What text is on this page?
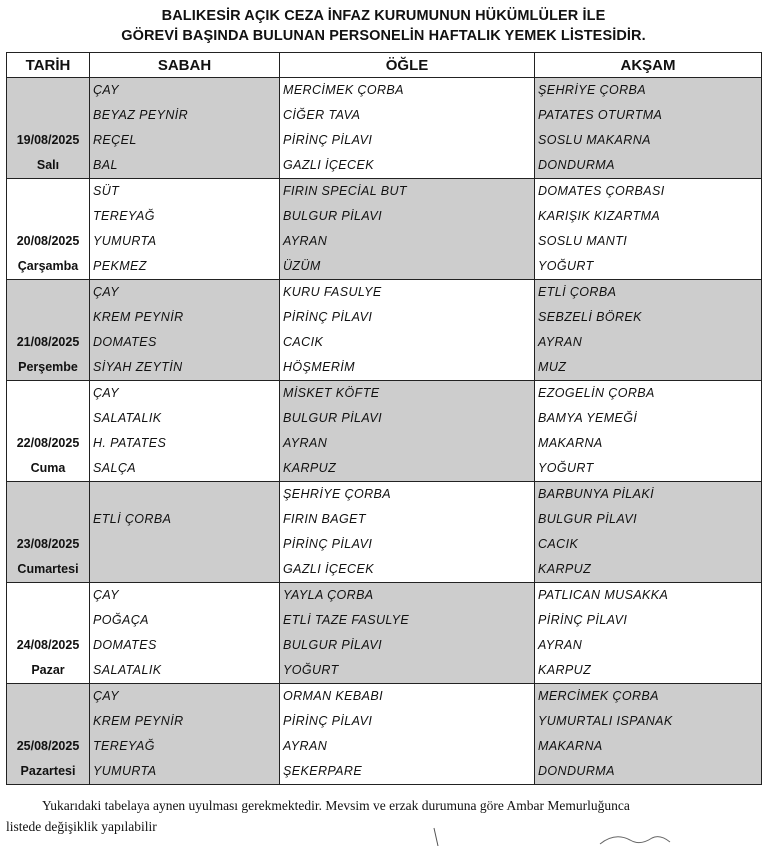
BALIKESİR AÇIK CEZA İNFAZ KURUMUNUN HÜKÜMLÜLER İLE
GÖREVİ BAŞINDA BULUNAN PERSONELİN HAFTALIK YEMEK LİSTESİDİR.
TARİH	SABAH	ÖĞLE	AKŞAM

19/08/2025
Salı	ÇAY
BEYAZ PEYNİR
REÇEL
BAL	MERCİMEK ÇORBA
CİĞER TAVA
PİRİNÇ PİLAVI
GAZLI İÇECEK	ŞEHRİYE ÇORBA
PATATES OTURTMA
SOSLU MAKARNA
DONDURMA

20/08/2025
Çarşamba	SÜT
TEREYAĞ
YUMURTA
PEKMEZ	FIRIN SPECİAL BUT
BULGUR PİLAVI
AYRAN
ÜZÜM	DOMATES ÇORBASI
KARIŞIK KIZARTMA
SOSLU MANTI
YOĞURT

21/08/2025
Perşembe	ÇAY
KREM PEYNİR
DOMATES
SİYAH ZEYTİN	KURU FASULYE
PİRİNÇ PİLAVI
CACIK
HÖŞMERİM	ETLİ ÇORBA
SEBZELİ BÖREK
AYRAN
MUZ

22/08/2025
Cuma	ÇAY
SALATALIK
H. PATATES
SALÇA	MİSKET KÖFTE
BULGUR PİLAVI
AYRAN
KARPUZ	EZOGELİN ÇORBA
BAMYA YEMEĞİ
MAKARNA
YOĞURT

23/08/2025
Cumartesi	ETLİ ÇORBA	ŞEHRİYE ÇORBA
FIRIN BAGET
PİRİNÇ PİLAVI
GAZLI İÇECEK	BARBUNYA PİLAKİ
BULGUR PİLAVI
CACIK
KARPUZ

24/08/2025
Pazar	ÇAY
POĞAÇA
DOMATES
SALATALIK	YAYLA ÇORBA
ETLİ TAZE FASULYE
BULGUR PİLAVI
YOĞURT	PATLICAN MUSAKKA
PİRİNÇ PİLAVI
AYRAN
KARPUZ

25/08/2025
Pazartesi	ÇAY
KREM PEYNİR
TEREYAĞ
YUMURTA	ORMAN KEBABI
PİRİNÇ PİLAVI
AYRAN
ŞEKERPARE	MERCİMEK ÇORBA
YUMURTALI ISPANAK
MAKARNA
DONDURMA
Yukarıdaki tabelaya aynen uyulması gerekmektedir. Mevsim ve erzak durumuna göre Ambar Memurluğunca
listede değişiklik yapılabilir
